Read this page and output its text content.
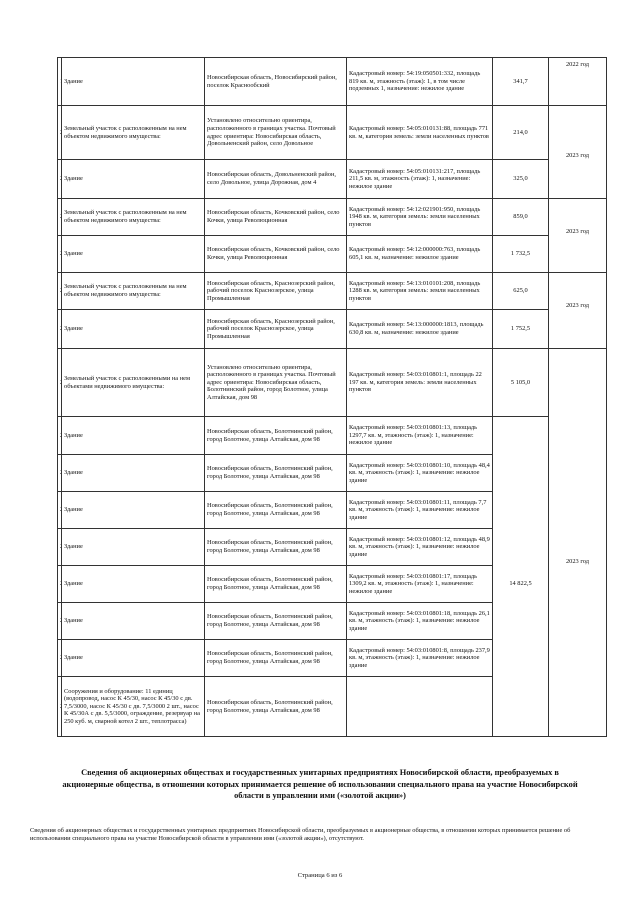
	Здание	Новосибирская область, Новосибирский район, поселок Краснообский	Кадастровый номер: 54:19:050501:332, площадь 819 кв. м, этажность (этаж): 1, в том числе подземных 1, назначение: нежилое здание	341,7	2022 год
	Земельный участок с расположенным на нем объектом недвижимого имущества:	Установлено относительно ориентира, расположенного в границах участка. Почтовый адрес ориентира: Новосибирская область, Довольненский район, село Довольное	Кадастровый номер: 54:05:010131:88, площадь 771 кв. м, категория земель: земли населенных пунктов	214,0	2023 год
	Здание	Новосибирская область, Довольненский район, село Довольное, улица Дорожная, дом 4	Кадастровый номер: 54:05:010131:217, площадь 211,5 кв. м, этажность (этаж): 1, назначение: нежилое здание	325,0	
	Земельный участок с расположенным на нем объектом недвижимого имущества:	Новосибирская область, Кочковский район, село Кочки, улица Революционная	Кадастровый номер: 54:12:021901:950, площадь 1948 кв. м, категория земель: земли населенных пунктов	859,0	2023 год
	Здание	Новосибирская область, Кочковский район, село Кочки, улица Революционная	Кадастровый номер: 54:12:000000:763, площадь 605,1 кв. м, назначение: нежилое здание	1 732,5	
	Земельный участок с расположенным на нем объектом недвижимого имущества:	Новосибирская область, Краснозерский район, рабочий поселок Краснозерское, улица Промышленная	Кадастровый номер: 54:13:010101:208, площадь 1288 кв. м, категория земель: земли населенных пунктов	625,0	2023 год
	Здание	Новосибирская область, Краснозерский район, рабочий поселок Краснозерское, улица Промышленная	Кадастровый номер: 54:13:000000:1813, площадь 630,8 кв. м, назначение: нежилое здание	1 752,5	
	Земельный участок с расположенными на нем объектами недвижимого имущества:	Установлено относительно ориентира, расположенного в границах участка. Почтовый адрес ориентира: Новосибирская область, Болотнинский район, город Болотное, улица Алтайская, дом 98	Кадастровый номер: 54:03:010801:1, площадь 22 197 кв. м, категория земель: земли населенных пунктов	5 105,0	
	Здание	Новосибирская область, Болотнинский район, город Болотное, улица Алтайская, дом 98	Кадастровый номер: 54:03:010801:13, площадь 1297,7 кв. м, этажность (этаж): 1, назначение: нежилое здание		
	Здание	Новосибирская область, Болотнинский район, город Болотное, улица Алтайская, дом 98	Кадастровый номер: 54:03:010801:10, площадь 48,4 кв. м, этажность (этаж): 1, назначение: нежилое здание		
	Здание	Новосибирская область, Болотнинский район, город Болотное, улица Алтайская, дом 98	Кадастровый номер: 54:03:010801:11, площадь 7,7 кв. м, этажность (этаж): 1, назначение: нежилое здание		
	Здание	Новосибирская область, Болотнинский район, город Болотное, улица Алтайская, дом 98	Кадастровый номер: 54:03:010801:12, площадь 48,9 кв. м, этажность (этаж): 1, назначение: нежилое здание		2023 год
	Здание	Новосибирская область, Болотнинский район, город Болотное, улица Алтайская, дом 98	Кадастровый номер: 54:03:010801:17, площадь 1309,2 кв. м, этажность (этаж): 1, назначение: нежилое здание	14 822,5	
	Здание	Новосибирская область, Болотнинский район, город Болотное, улица Алтайская, дом 98	Кадастровый номер: 54:03:010801:18, площадь 26,1 кв. м, этажность (этаж): 1, назначение: нежилое здание		
	Здание	Новосибирская область, Болотнинский район, город Болотное, улица Алтайская, дом 98	Кадастровый номер: 54:03:010801:8, площадь 237,9 кв. м, этажность (этаж): 1, назначение: нежилое здание		
	Сооружения и оборудование: 11 единиц (водопровод, насос К 45/30, насос К 45/30 с дв. 7,5/3000, насос К 45/30 с дв. 7,5/3000 2 шт., насос К 45/30А с дв. 5,5/3000, ограждение, резервуар на 250 куб. м, сварной котел 2 шт., теплотрасса)	Новосибирская область, Болотнинский район, город Болотное, улица Алтайская, дом 98			
Сведения об акционерных обществах и государственных унитарных предприятиях Новосибирской области, преобразуемых в акционерные общества, в отношении которых принимается решение об использовании специального права на участие Новосибирской области в управлении ими («золотой акции»)
Сведения об акционерных обществах и государственных унитарных предприятиях Новосибирской области, преобразуемых в акционерные общества, в отношении которых принимается решение об использовании специального права на участие Новосибирской области в управлении ими («золотой акции»), отсутствуют.
Страница 6 из 6
